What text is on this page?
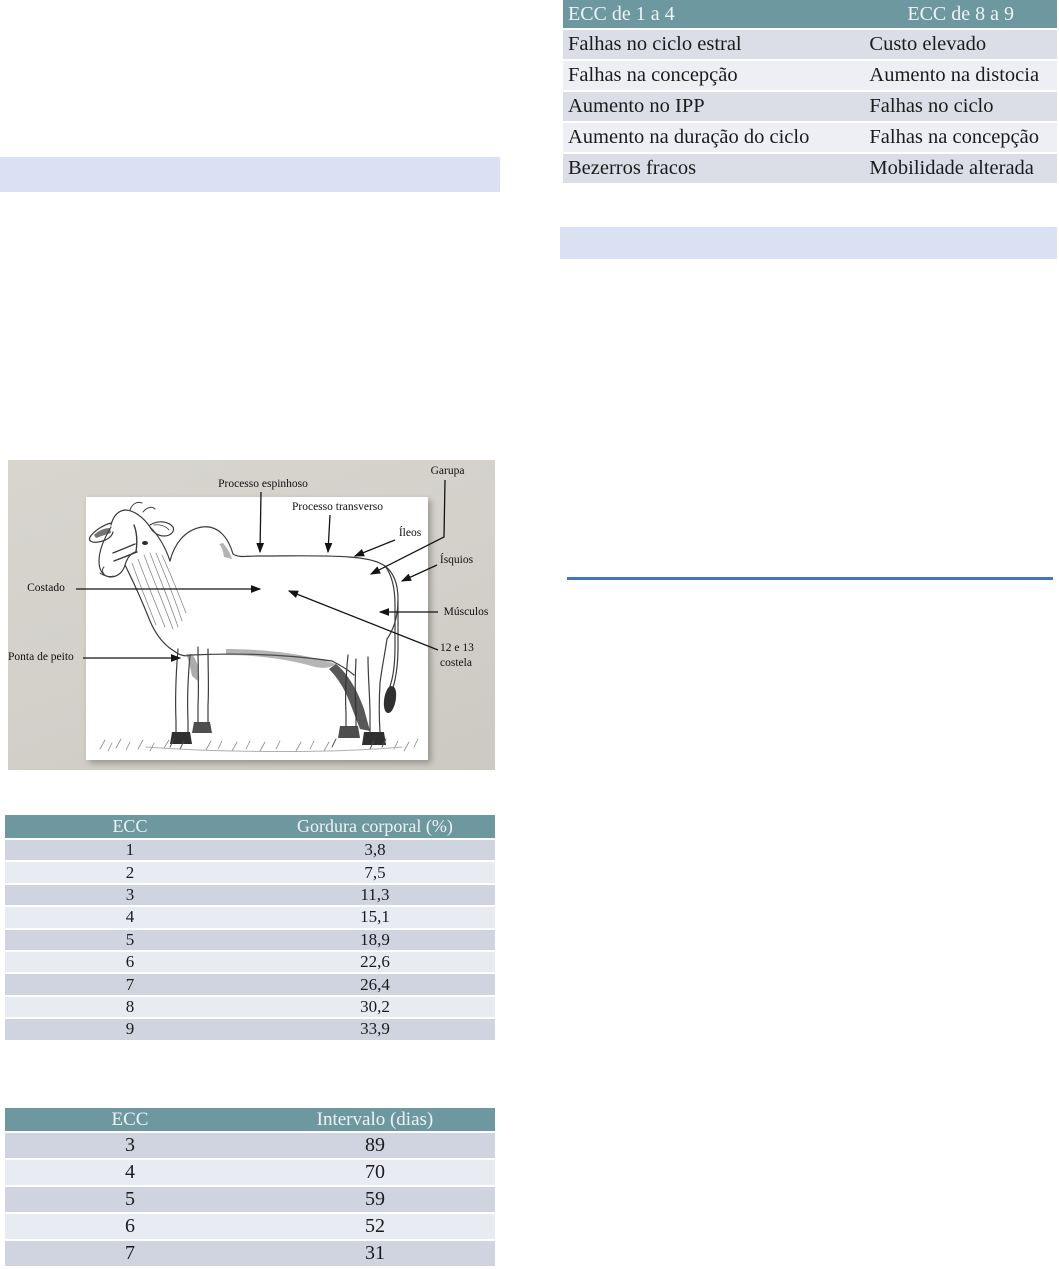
ECC de 1 a 4	ECC de 8 a 9
Falhas no ciclo estral	Custo elevado
Falhas na concepção	Aumento na distocia
Aumento no IPP	Falhas no ciclo
Aumento na duração do ciclo	Falhas na concepção
Bezerros fracos	Mobilidade alterada
Processo espinhoso
Processo transverso
Garupa
Íleos
Ísquios
Músculos
12 e 13 costela
Costado
Ponta de peito
ECC	Gordura corporal (%)
1	3,8
2	7,5
3	11,3
4	15,1
5	18,9
6	22,6
7	26,4
8	30,2
9	33,9
ECC	Intervalo (dias)
3	89
4	70
5	59
6	52
7	31
